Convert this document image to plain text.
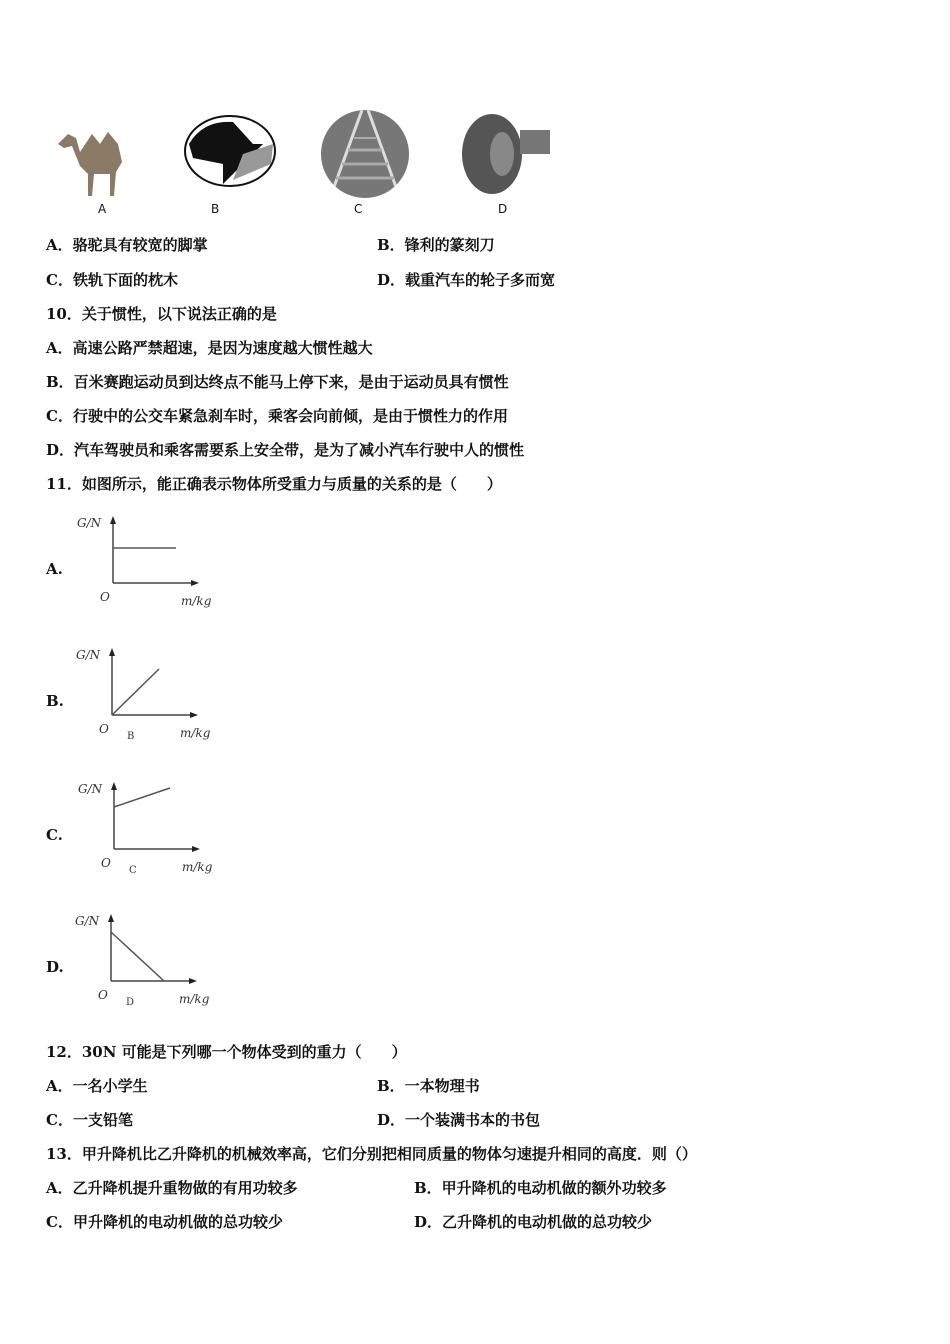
A	B	C	D
A．骆驼具有较宽的脚掌	B．锋利的篆刻刀
C．铁轨下面的枕木	D．载重汽车的轮子多而宽
10．关于惯性，以下说法正确的是
A．高速公路严禁超速，是因为速度越大惯性越大
B．百米赛跑运动员到达终点不能马上停下来，是由于运动员具有惯性
C．行驶中的公交车紧急刹车时，乘客会向前倾，是由于惯性力的作用
D．汽车驾驶员和乘客需要系上安全带，是为了减小汽车行驶中人的惯性
11．如图所示，能正确表示物体所受重力与质量的关系的是（　　）
A.
G/N
O	m/kg
B.
G/N
O	m/kg
B
C.
G/N
O	m/kg
C
D.
G/N
O	m/kg
D
12．30N 可能是下列哪一个物体受到的重力（　　）
A．一名小学生	B．一本物理书
C．一支铅笔	D．一个装满书本的书包
13．甲升降机比乙升降机的机械效率高，它们分别把相同质量的物体匀速提升相同的高度．则（）
A．乙升降机提升重物做的有用功较多	B．甲升降机的电动机做的额外功较多
C．甲升降机的电动机做的总功较少	D．乙升降机的电动机做的总功较少
